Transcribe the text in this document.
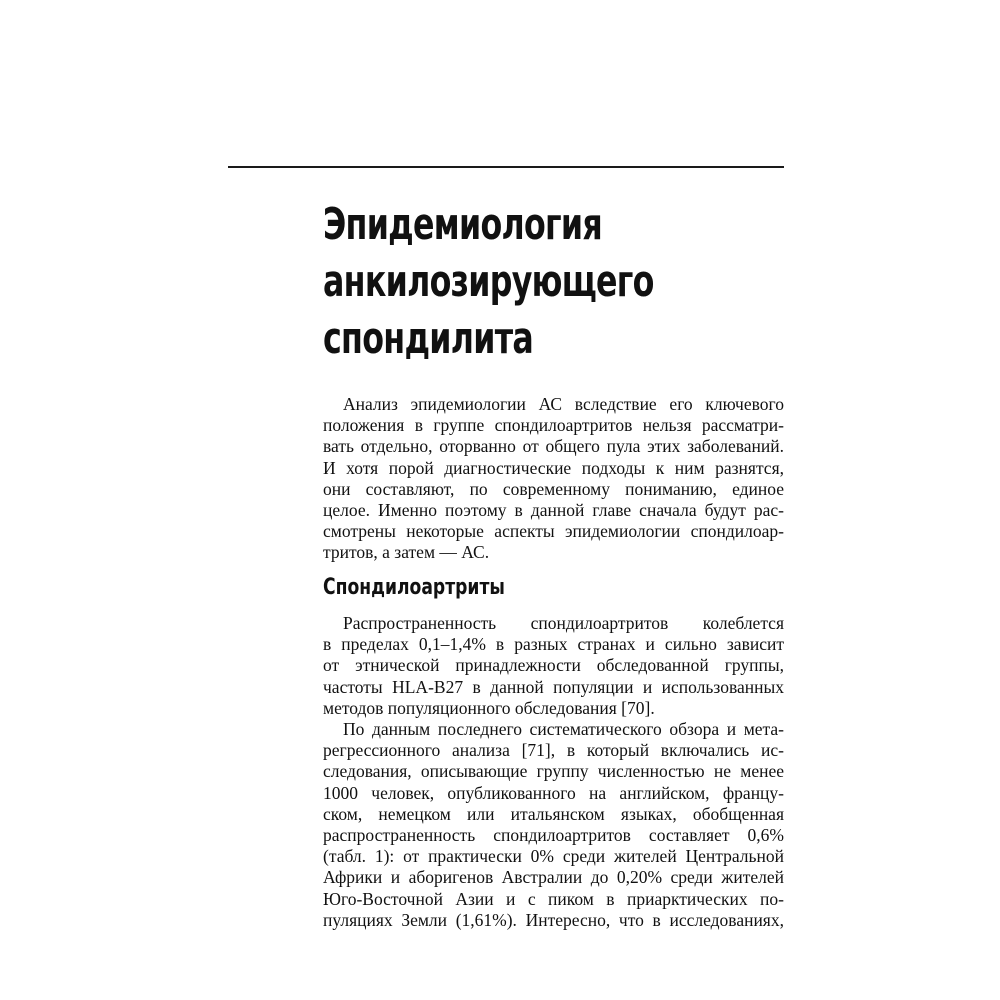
Эпидемиология
анкилозирующего
спондилита
Анализ эпидемиологии АС вследствие его ключевого
положения в группе спондилоартритов нельзя рассматри-
вать отдельно, оторванно от общего пула этих заболеваний.
И хотя порой диагностические подходы к ним разнятся,
они составляют, по современному пониманию, единое
целое. Именно поэтому в данной главе сначала будут рас-
смотрены некоторые аспекты эпидемиологии спондилоар-
тритов, а затем — АС.
Спондилоартриты
Распространенность спондилоартритов колеблется
в пределах 0,1–1,4% в разных странах и сильно зависит
от этнической принадлежности обследованной группы,
частоты HLA-B27 в данной популяции и использованных
методов популяционного обследования [70].
По данным последнего систематического обзора и мета-
регрессионного анализа [71], в который включались ис-
следования, описывающие группу численностью не менее
1000 человек, опубликованного на английском, францу-
ском, немецком или итальянском языках, обобщенная
распространенность спондилоартритов составляет 0,6%
(табл. 1): от практически 0% среди жителей Центральной
Африки и аборигенов Австралии до 0,20% среди жителей
Юго-Восточной Азии и с пиком в приарктических по-
пуляциях Земли (1,61%). Интересно, что в исследованиях,
